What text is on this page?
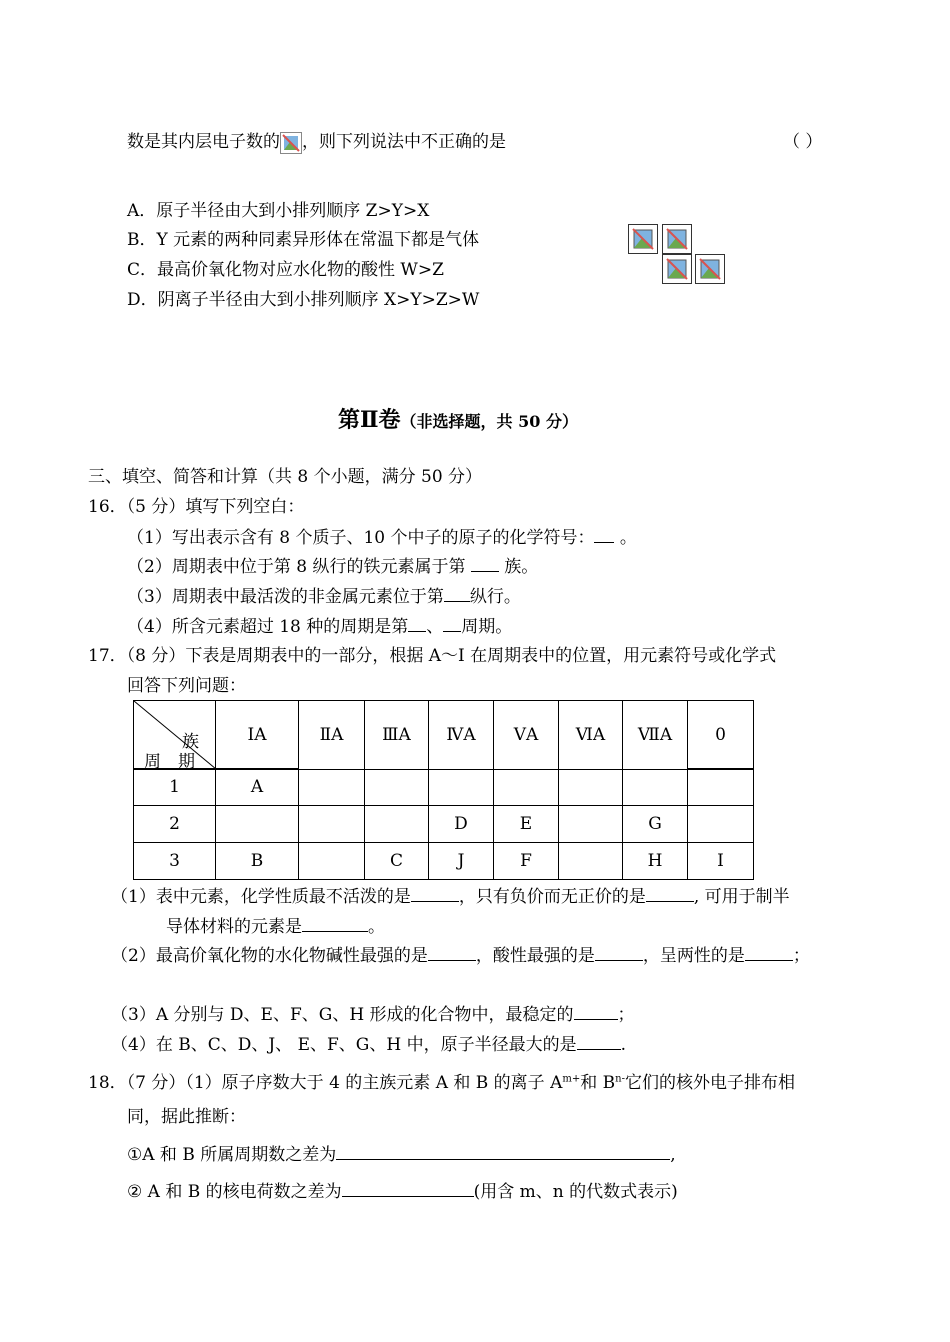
数是其内层电子数的 ，则下列说法中不正确的是	（ ）
A．原子半径由大到小排列顺序 Z>Y>X
B．Y 元素的两种同素异形体在常温下都是气体
C．最高价氧化物对应水化物的酸性 W>Z
D．阴离子半径由大到小排列顺序 X>Y>Z>W
第Ⅱ卷（非选择题，共 50 分）
三、填空、简答和计算（共 8 个小题，满分 50 分）
16．（5 分）填写下列空白：
（1）写出表示含有 8 个质子、10 个中子的原子的化学符号： 。
（2）周期表中位于第 8 纵行的铁元素属于第 族。
（3）周期表中最活泼的非金属元素位于第 纵行。
（4）所含元素超过 18 种的周期是第 、 周期。
17．（8 分）下表是周期表中的一部分，根据 A～I 在周期表中的位置，用元素符号或化学式
回答下列问题：
族
周　期
	ⅠA	ⅡA	ⅢA	ⅣA	ⅤA	ⅥA	ⅦA	0

1	A							
2				D	E		G	
3	B		C	J	F		H	I
（1）表中元素，化学性质最不活泼的是	，只有负价而无正价的是	, 可用于制半
导体材料的元素是	。
（2）最高价氧化物的水化物碱性最强的是	，酸性最强的是	，呈两性的是	；
（3）A 分别与 D、E、F、G、H 形成的化合物中，最稳定的	；
（4）在 B、C、D、J、 E、F、G、H 中，原子半径最大的是	.
18．（7 分）（1）原子序数大于 4 的主族元素 A 和 B 的离子 $A^{m+}$和 $B^{n-}$它们的核外电子排布相
同，据此推断：
①A 和 B 所属周期数之差为	,
② A 和 B 的核电荷数之差为	(用含 m、n 的代数式表示)
